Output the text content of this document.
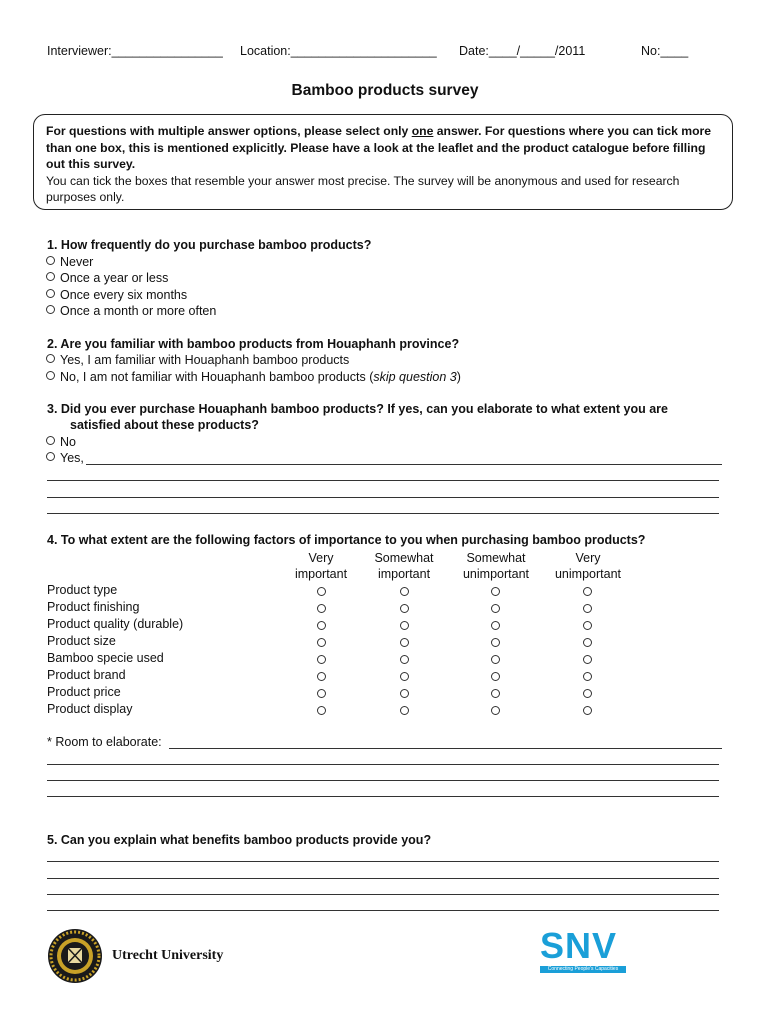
Interviewer:________________ Location:_____________________ Date:____/_____/2011	No:____
Bamboo products survey
For questions with multiple answer options, please select only one answer. For questions where you can tick more than one box, this is mentioned explicitly. Please have a look at the leaflet and the product catalogue before filling out this survey.
You can tick the boxes that resemble your answer most precise. The survey will be anonymous and used for research purposes only.
1. How frequently do you purchase bamboo products?
Never
Once a year or less
Once every six months
Once a month or more often
2. Are you familiar with bamboo products from Houaphanh province?
Yes, I am familiar with Houaphanh bamboo products
No, I am not familiar with Houaphanh bamboo products (skip question 3)
3. Did you ever purchase Houaphanh bamboo products? If yes, can you elaborate to what extent you are
satisfied about these products?
No
Yes,
4. To what extent are the following factors of importance to you when purchasing bamboo products?
Very
important
Somewhat
important
Somewhat
unimportant
Very
unimportant
Product type
Product finishing
Product quality (durable)
Product size
Bamboo specie used
Product brand
Product price
Product display
* Room to elaborate:
5. Can you explain what benefits bamboo products provide you?
Utrecht University	SNV
Connecting People's Capacities
